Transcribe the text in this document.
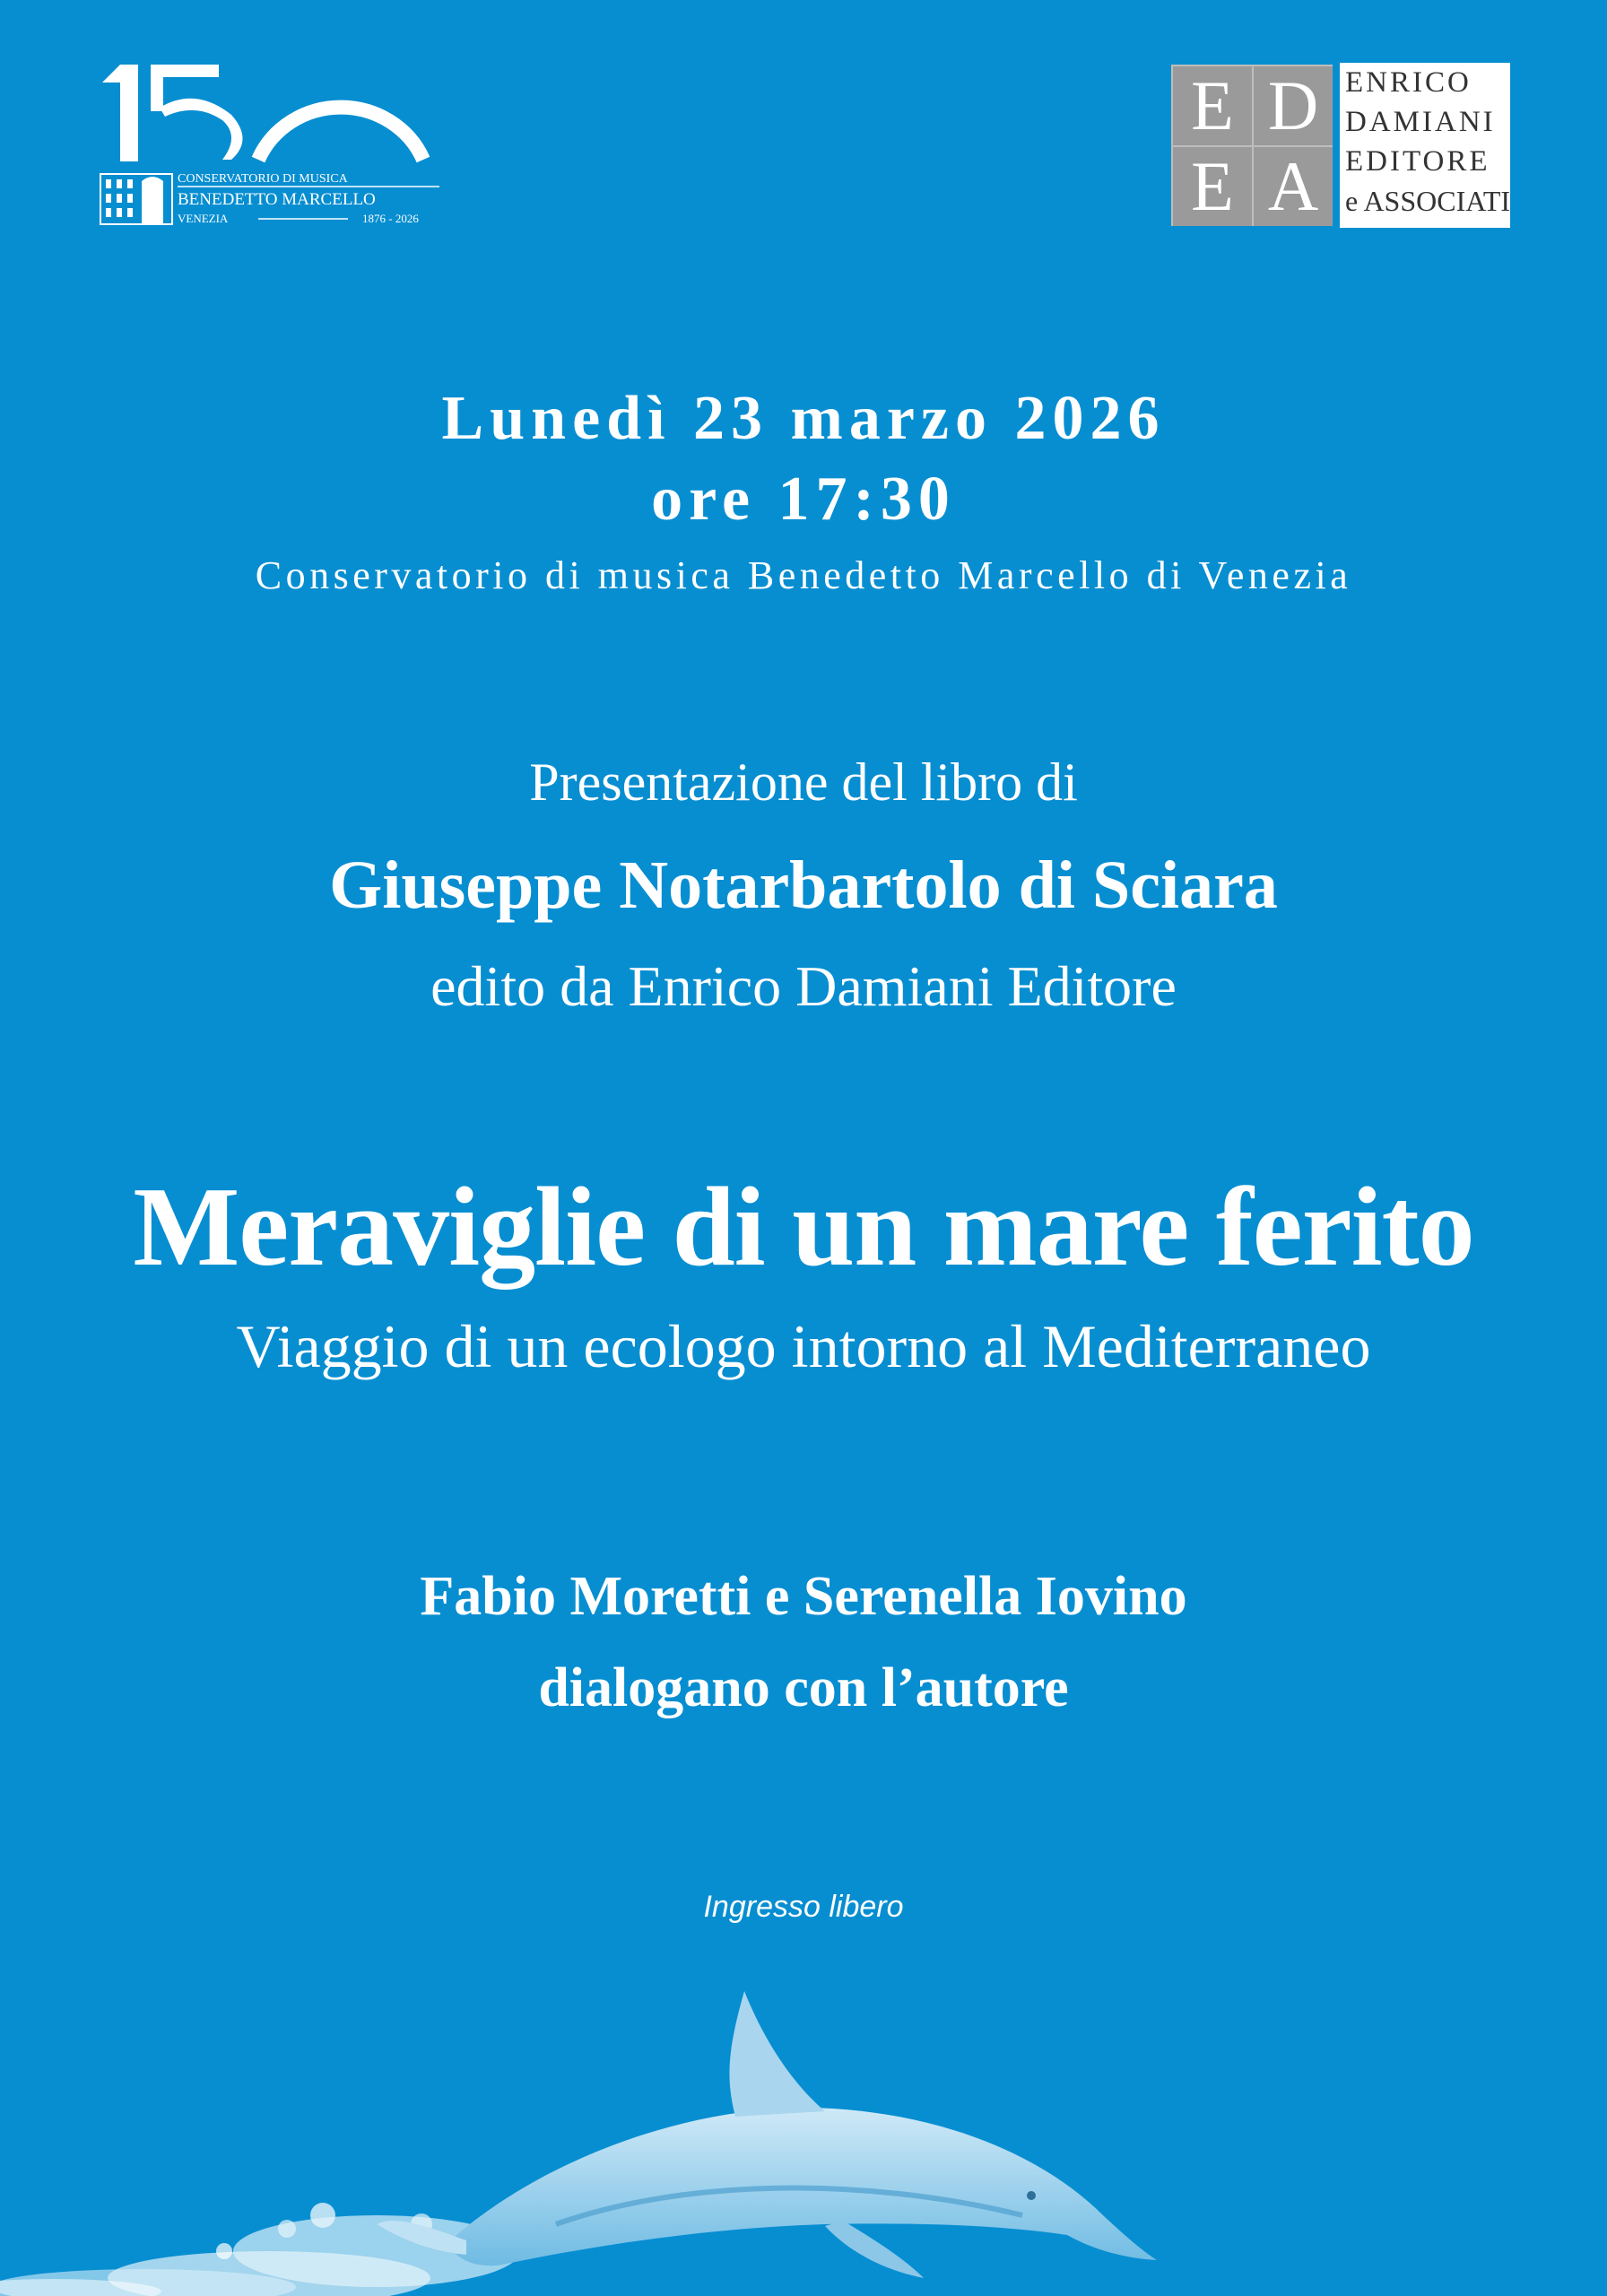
CONSERVATORIO DI MUSICA
BENEDETTO MARCELLO
VENEZIA	1876 - 2026
E D
E A
ENRICO
DAMIANI
EDITORE
e ASSOCIATI
Lunedì 23 marzo 2026
ore 17:30
Conservatorio di musica Benedetto Marcello di Venezia
Presentazione del libro di
Giuseppe Notarbartolo di Sciara
edito da Enrico Damiani Editore
Meraviglie di un mare ferito
Viaggio di un ecologo intorno al Mediterraneo
Fabio Moretti e Serenella Iovino
dialogano con l’autore
Ingresso libero
